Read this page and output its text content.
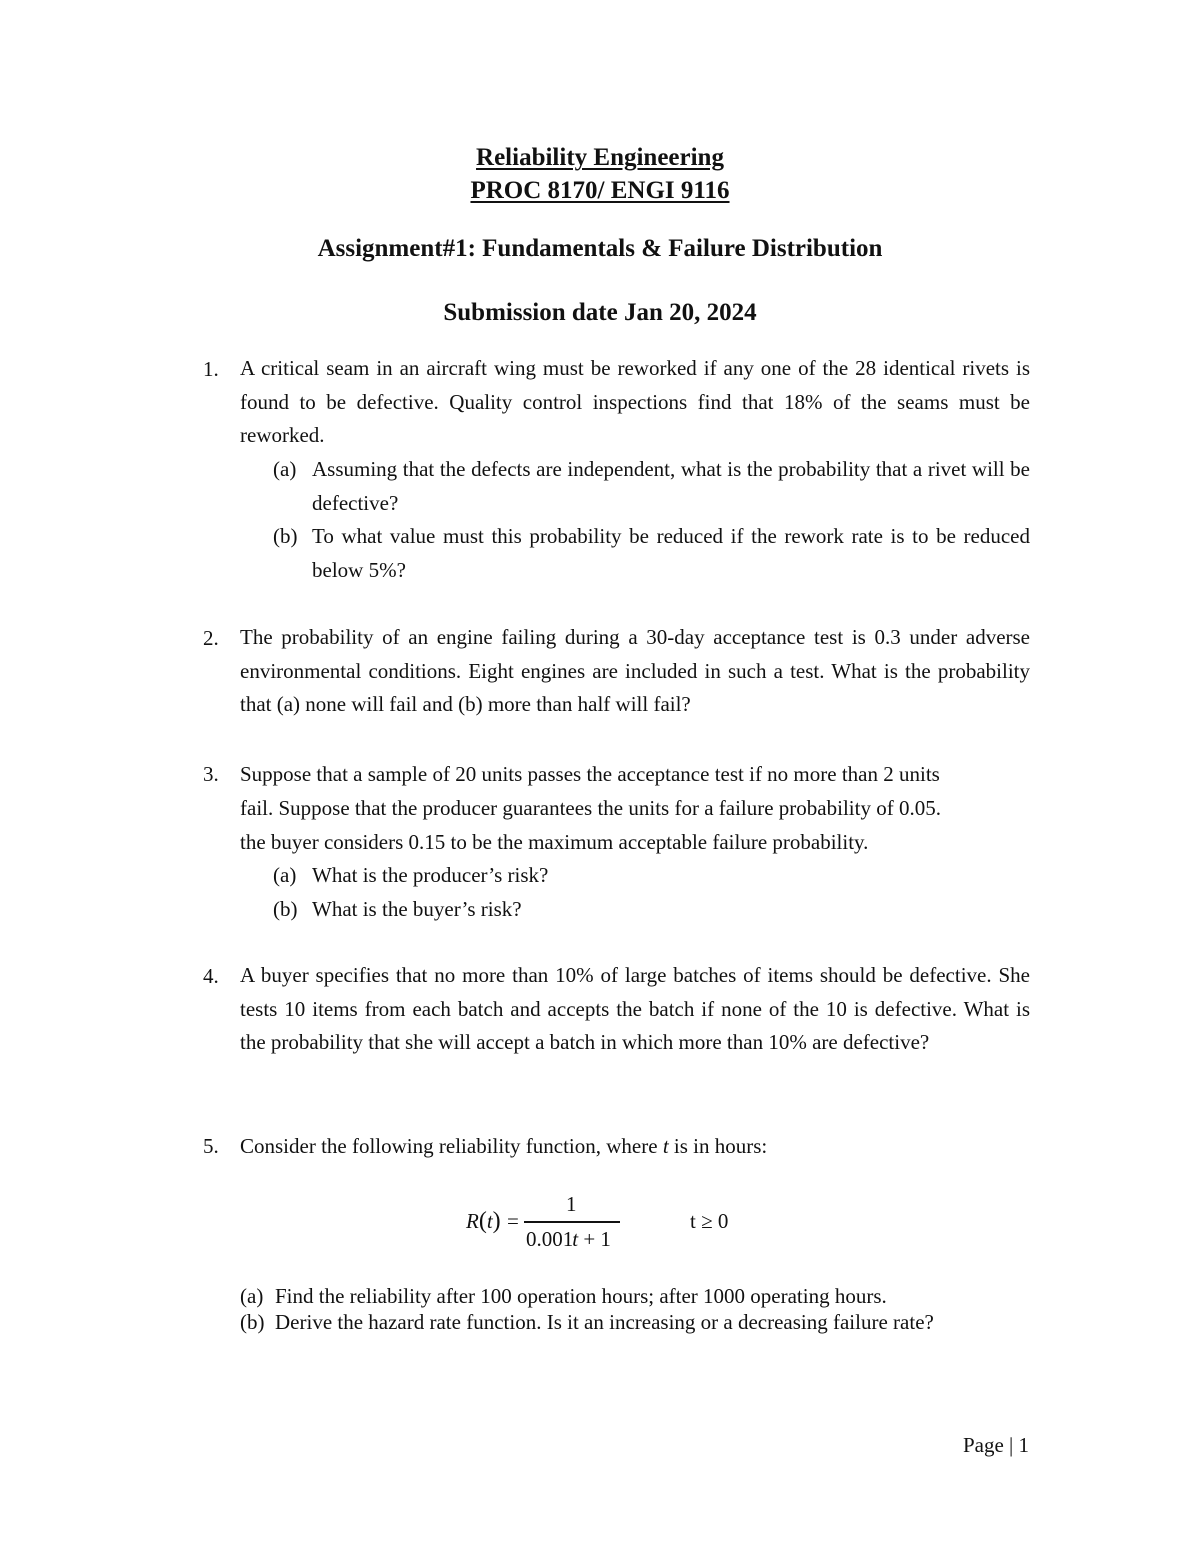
Reliability Engineering
PROC 8170/ ENGI 9116
Assignment#1: Fundamentals & Failure Distribution
Submission date Jan 20, 2024
1. A critical seam in an aircraft wing must be reworked if any one of the 28 identical rivets is found to be defective. Quality control inspections find that 18% of the seams must be reworked.
(a) Assuming that the defects are independent, what is the probability that a rivet will be defective?
(b) To what value must this probability be reduced if the rework rate is to be reduced below 5%?
2. The probability of an engine failing during a 30-day acceptance test is 0.3 under adverse environmental conditions. Eight engines are included in such a test. What is the probability that (a) none will fail and (b) more than half will fail?
3. Suppose that a sample of 20 units passes the acceptance test if no more than 2 units
fail. Suppose that the producer guarantees the units for a failure probability of 0.05.
the buyer considers 0.15 to be the maximum acceptable failure probability.
(a) What is the producer’s risk?
(b) What is the buyer’s risk?
4. A buyer specifies that no more than 10% of large batches of items should be defective. She tests 10 items from each batch and accepts the batch if none of the 10 is defective. What is the probability that she will accept a batch in which more than 10% are defective?
5. Consider the following reliability function, where t is in hours:
R(t) =
1
0.001t + 1
t ≥ 0
(a) Find the reliability after 100 operation hours; after 1000 operating hours.
(b) Derive the hazard rate function. Is it an increasing or a decreasing failure rate?
Page | 1
